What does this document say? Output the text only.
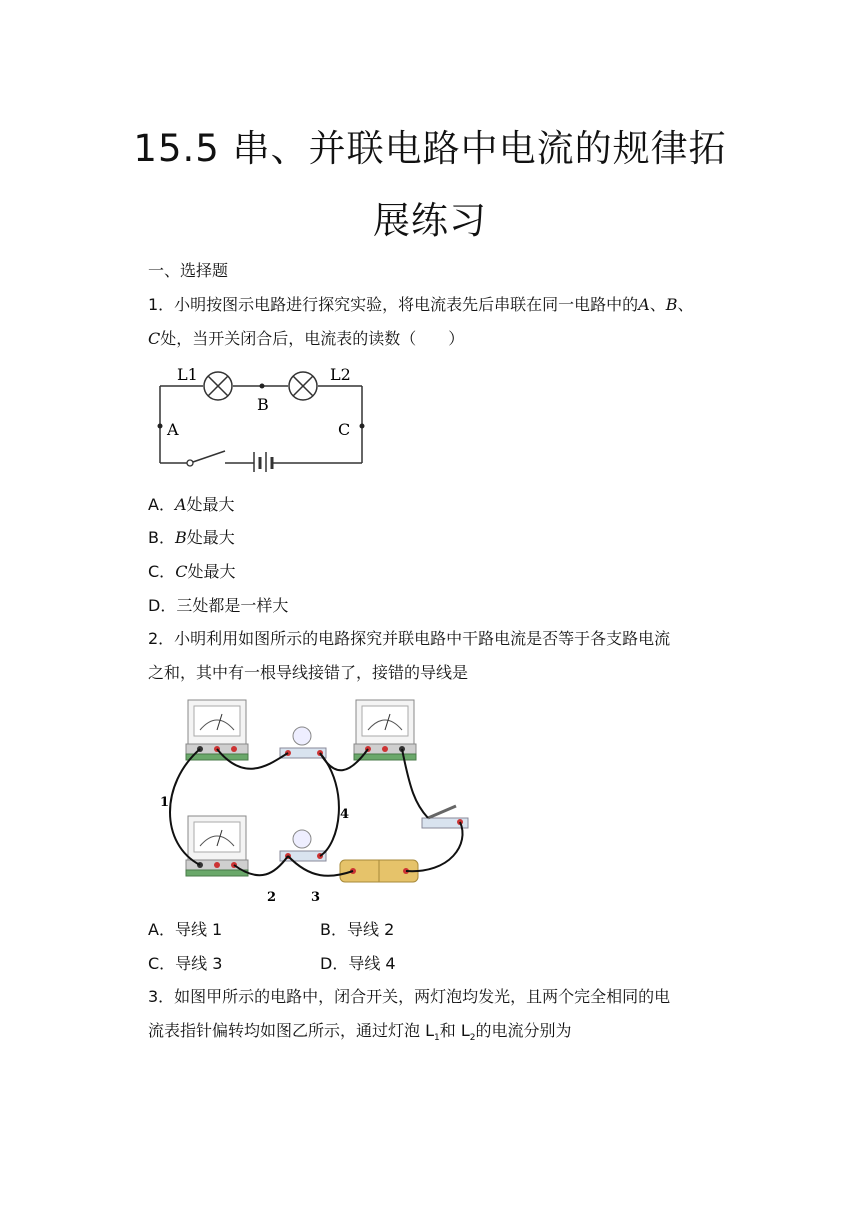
15.5 串、并联电路中电流的规律拓
展练习
一、选择题
1．小明按图示电路进行探究实验，将电流表先后串联在同一电路中的A、B、
C处，当开关闭合后，电流表的读数（　　）
L1	L2
A
B
C
A．A处最大
B．B处最大
C．C处最大
D．三处都是一样大
2．小明利用如图所示的电路探究并联电路中干路电流是否等于各支路电流
之和，其中有一根导线接错了，接错的导线是
1
2	3
4
A．导线 1	B．导线 2
C．导线 3	D．导线 4
3．如图甲所示的电路中，闭合开关，两灯泡均发光，且两个完全相同的电
流表指针偏转均如图乙所示，通过灯泡 $L_1$和 $L_2$的电流分别为
